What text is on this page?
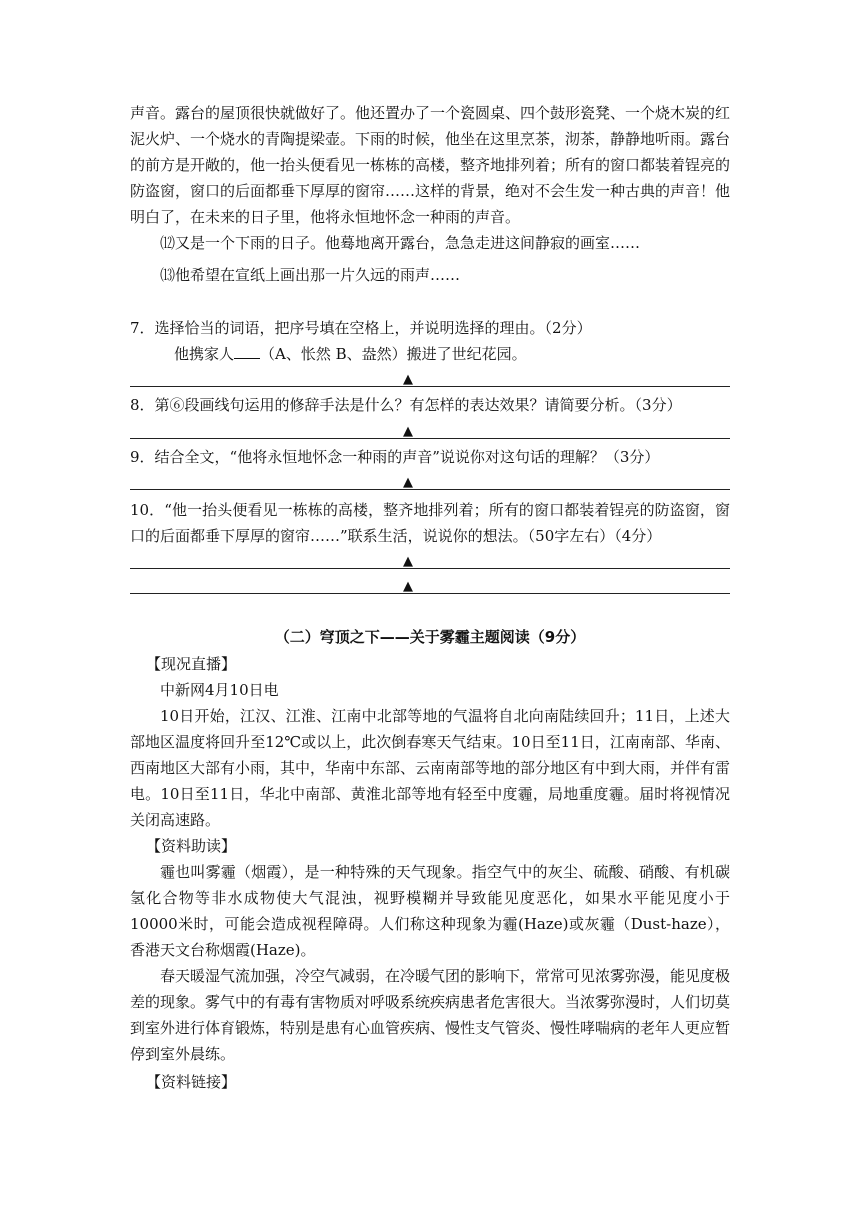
声音。露台的屋顶很快就做好了。他还置办了一个瓷圆桌、四个鼓形瓷凳、一个烧木炭的红泥火炉、一个烧水的青陶提梁壶。下雨的时候，他坐在这里烹茶，沏茶，静静地听雨。露台的前方是开敞的，他一抬头便看见一栋栋的高楼，整齐地排列着；所有的窗口都装着锃亮的防盗窗，窗口的后面都垂下厚厚的窗帘……这样的背景，绝对不会生发一种古典的声音！他明白了，在未来的日子里，他将永恒地怀念一种雨的声音。

⑿又是一个下雨的日子。他蓦地离开露台，急急走进这间静寂的画室……

⒀他希望在宣纸上画出那一片久远的雨声……

7．选择恰当的词语，把序号填在空格上，并说明选择的理由。（2分）

他携家人 （A、怅然 B、盎然）搬进了世纪花园。

▲

8．第⑥段画线句运用的修辞手法是什么？有怎样的表达效果？请简要分析。（3分）

▲

9．结合全文，“他将永恒地怀念一种雨的声音”说说你对这句话的理解？（3分）

▲

10．“他一抬头便看见一栋栋的高楼，整齐地排列着；所有的窗口都装着锃亮的防盗窗，窗口的后面都垂下厚厚的窗帘……”联系生活，说说你的想法。（50字左右）（4分）

▲
▲

（二）穹顶之下——关于雾霾主题阅读（9分）

【现况直播】

中新网4月10日电

10日开始，江汉、江淮、江南中北部等地的气温将自北向南陆续回升；11日，上述大部地区温度将回升至12℃或以上，此次倒春寒天气结束。10日至11日，江南南部、华南、西南地区大部有小雨，其中，华南中东部、云南南部等地的部分地区有中到大雨，并伴有雷电。10日至11日，华北中南部、黄淮北部等地有轻至中度霾，局地重度霾。届时将视情况关闭高速路。

【资料助读】

霾也叫雾霾（烟霞），是一种特殊的天气现象。指空气中的灰尘、硫酸、硝酸、有机碳氢化合物等非水成物使大气混浊，视野模糊并导致能见度恶化，如果水平能见度小于10000米时，可能会造成视程障碍。人们称这种现象为霾(Haze)或灰霾（Dust-haze），香港天文台称烟霞(Haze)。

春天暖湿气流加强，冷空气减弱，在冷暖气团的影响下，常常可见浓雾弥漫，能见度极差的现象。雾气中的有毒有害物质对呼吸系统疾病患者危害很大。当浓雾弥漫时，人们切莫到室外进行体育锻炼，特别是患有心血管疾病、慢性支气管炎、慢性哮喘病的老年人更应暂停到室外晨练。

【资料链接】
